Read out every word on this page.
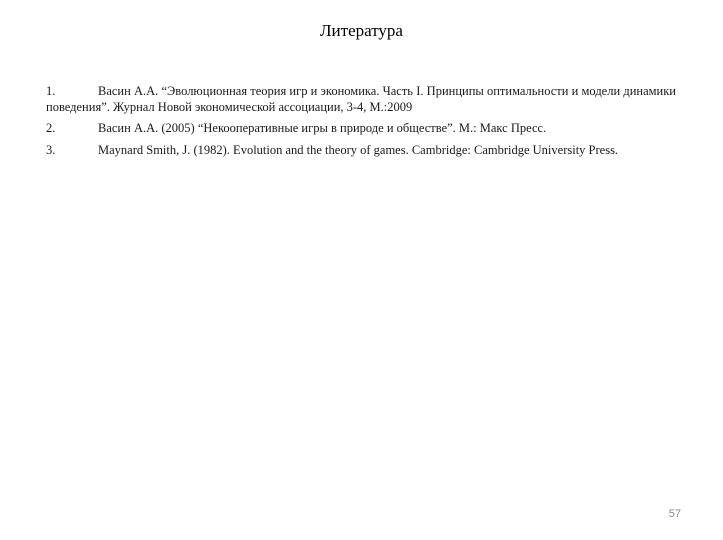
Литература
1.	Васин А.А. “Эволюционная теория игр и экономика. Часть I. Принципы оптимальности и модели динамики поведения”. Журнал Новой экономической ассоциации, 3-4, М.:2009
2.	Васин А.А. (2005) “Некооперативные игры в природе и обществе”. М.: Макс Пресс.
3.	Maynard Smith, J. (1982). Evolution and the theory of games. Cambridge: Cambridge University Press.
57
